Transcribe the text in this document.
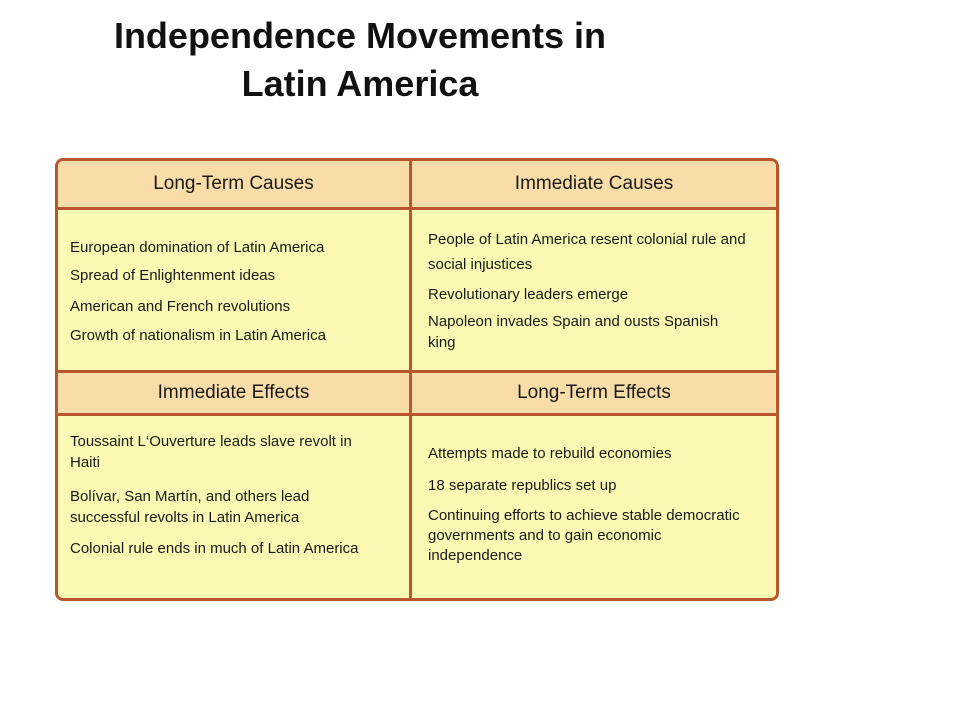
Independence Movements in
Latin America
Long-Term Causes	Immediate Causes

European domination of Latin America

Spread of Enlightenment ideas

American and French revolutions

Growth of nationalism in Latin America

People of Latin America resent colonial rule and social injustices

Revolutionary leaders emerge

Napoleon invades Spain and ousts Spanish king

Immediate Effects	Long-Term Effects

Toussaint L‘Ouverture leads slave revolt in Haiti

Bolívar, San Martín, and others lead successful revolts in Latin America

Colonial rule ends in much of Latin America

Attempts made to rebuild economies

18 separate republics set up

Continuing efforts to achieve stable democratic governments and to gain economic independence
